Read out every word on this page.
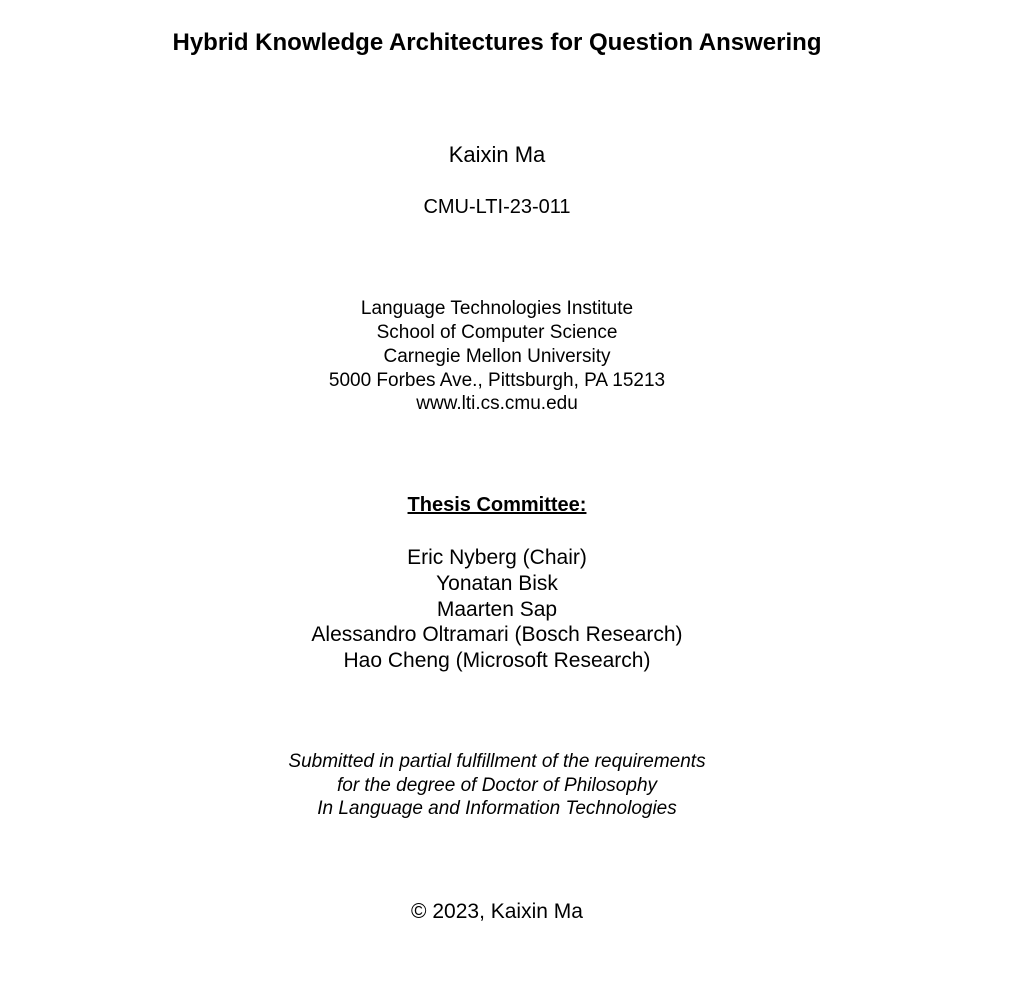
Hybrid Knowledge Architectures for Question Answering
Kaixin Ma
CMU-LTI-23-011
Language Technologies Institute
School of Computer Science
Carnegie Mellon University
5000 Forbes Ave., Pittsburgh, PA 15213
www.lti.cs.cmu.edu
Thesis Committee:
Eric Nyberg (Chair)
Yonatan Bisk
Maarten Sap
Alessandro Oltramari (Bosch Research)
Hao Cheng (Microsoft Research)
Submitted in partial fulfillment of the requirements
for the degree of Doctor of Philosophy
In Language and Information Technologies
© 2023, Kaixin Ma
